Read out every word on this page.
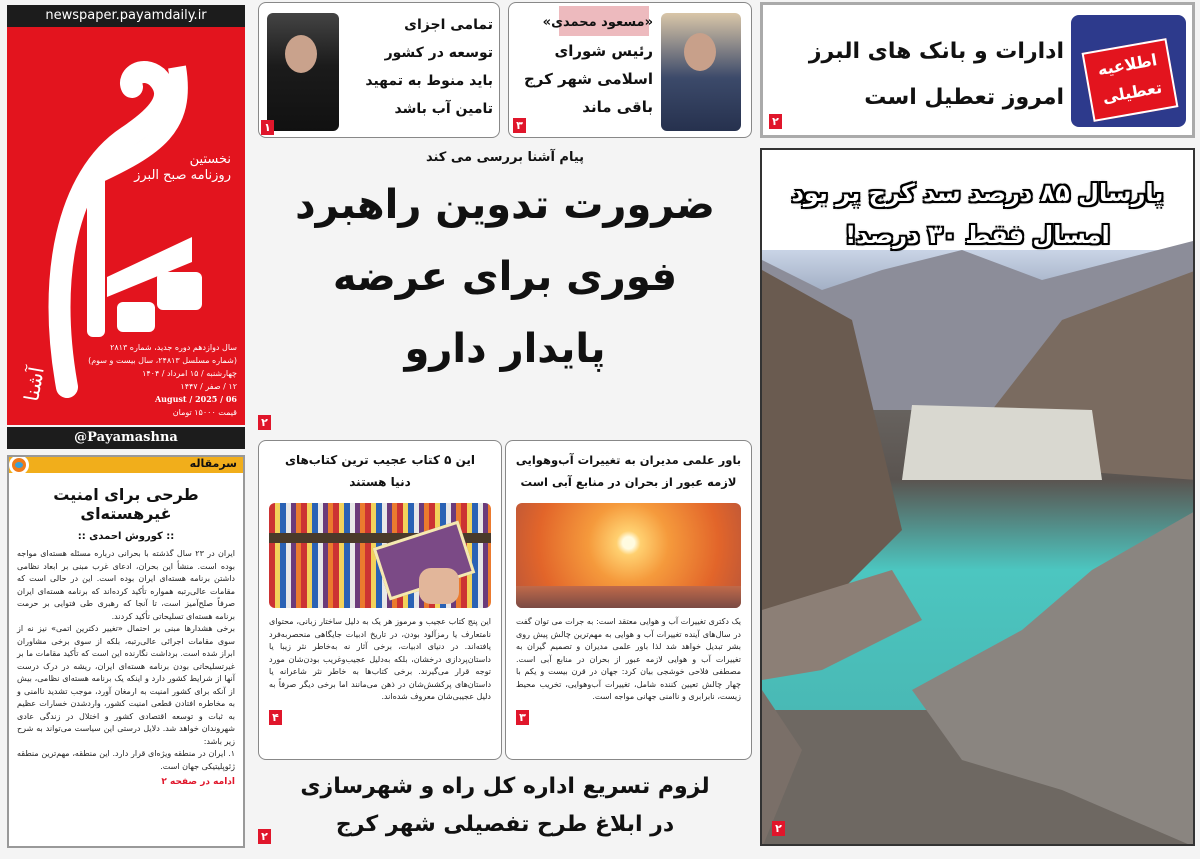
newspaper.payamdaily.ir
نخستین
روزنامه صبح البرز
آشنا
سال دوازدهم دوره جدید، شماره ۲۸۱۳
(شماره مسلسل ۲۴۸۱۳، سال بیست و سوم)
چهارشنبه / ۱۵ امرداد / ۱۴۰۴
۱۲ / صفر / ۱۴۴۷
06 / August / 2025
قیمت ۱۵۰۰۰ تومان
@Payamashna
سرمقاله
طرحی برای امنیت غیرهسته‌ای
:: کوروش احمدی ::

ایران در ۲۳ سال گذشته با بحرانی درباره مسئله هسته‌ای مواجه بوده است. منشأ این بحران، ادعای غرب مبنی بر ابعاد نظامی داشتن برنامه هسته‌ای ایران بوده است. این در حالی است که مقامات عالی‌رتبه همواره تأکید کرده‌اند که برنامه هسته‌ای ایران صرفاً صلح‌آمیز است، تا آنجا که رهبری طی فتوایی بر حرمت برنامه هسته‌ای تسلیحاتی تأکید کردند.

برخی هشدارها مبنی بر احتمال «تغییر دکترین اتمی» نیز نه از سوی مقامات اجرائی عالی‌رتبه، بلکه از سوی برخی مشاوران ابراز شده است. برداشت نگارنده این است که تأکید مقامات ما بر غیرتسلیحاتی بودن برنامه هسته‌ای ایران، ریشه در درک درست آنها از شرایط کشور دارد و اینکه یک برنامه هسته‌ای نظامی، بیش از آنکه برای کشور امنیت به ارمغان آورد، موجب تشدید ناامنی و به مخاطره افتادن قطعی امنیت کشور، واردشدن خسارات عظیم به ثبات و توسعه اقتصادی کشور و اختلال در زندگی عادی شهروندان خواهد شد. دلایل درستی این سیاست می‌تواند به شرح زیر باشد:

۱. ایران در منطقه ویژه‌ای قرار دارد. این منطقه، مهم‌ترین منطقه ژئوپلیتیکی جهان است.

ادامه در صفحه ۲
تمامی اجزای
توسعه در کشور
باید منوط به تمهید
تامین آب باشد
۱
«مسعود محمدی»
رئیس شورای
اسلامی شهر کرج
باقی ماند
۳
اطلاعیه
تعطیلی
ادارات و بانک های البرز
امروز تعطیل است
۲
پیام آشنا بررسی می کند
ضرورت تدوین راهبرد
فوری برای عرضه
پایدار دارو
۲
این ۵ کتاب عجیب ترین کتاب‌های
دنیا هستند

این پنج کتاب عجیب و مرموز هر یک به دلیل ساختار زبانی، محتوای نامتعارف یا رمزآلود بودن، در تاریخ ادبیات جایگاهی منحصربه‌فرد یافته‌اند. در دنیای ادبیات، برخی آثار نه به‌خاطر نثر زیبا یا داستان‌پردازی درخشان، بلکه به‌دلیل عجیب‌وغریب بودن‌شان مورد توجه قرار می‌گیرند. برخی کتاب‌ها به خاطر نثر شاعرانه یا داستان‌های پرکشش‌شان در ذهن می‌مانند اما برخی دیگر صرفاً به دلیل عجیبی‌شان معروف شده‌اند.

۴
باور علمی مدیران به تغییرات آب‌وهوایی
لازمه عبور از بحران در منابع آبی است

یک دکتری تغییرات آب و هوایی معتقد است: به جرات می توان گفت در سال‌های آینده تغییرات آب و هوایی به مهم‌ترین چالش پیش روی بشر تبدیل خواهد شد لذا باور علمی مدیران و تصمیم گیران به تغییرات آب و هوایی لازمه عبور از بحران در منابع آبی است. مصطفی فلاحی خوشجی بیان کرد: جهان در قرن بیست و یکم با چهار چالش تعیین کننده شامل، تغییرات آب‌وهوایی، تخریب محیط زیست، نابرابری و ناامنی جهانی مواجه است.

۳
لزوم تسریع اداره کل راه و شهرسازی
در ابلاغ طرح تفصیلی شهر کرج
۲
پارسال ۸۵ درصد سد کرج پر بود
امسال فقط ۳۰ درصد!
۲
